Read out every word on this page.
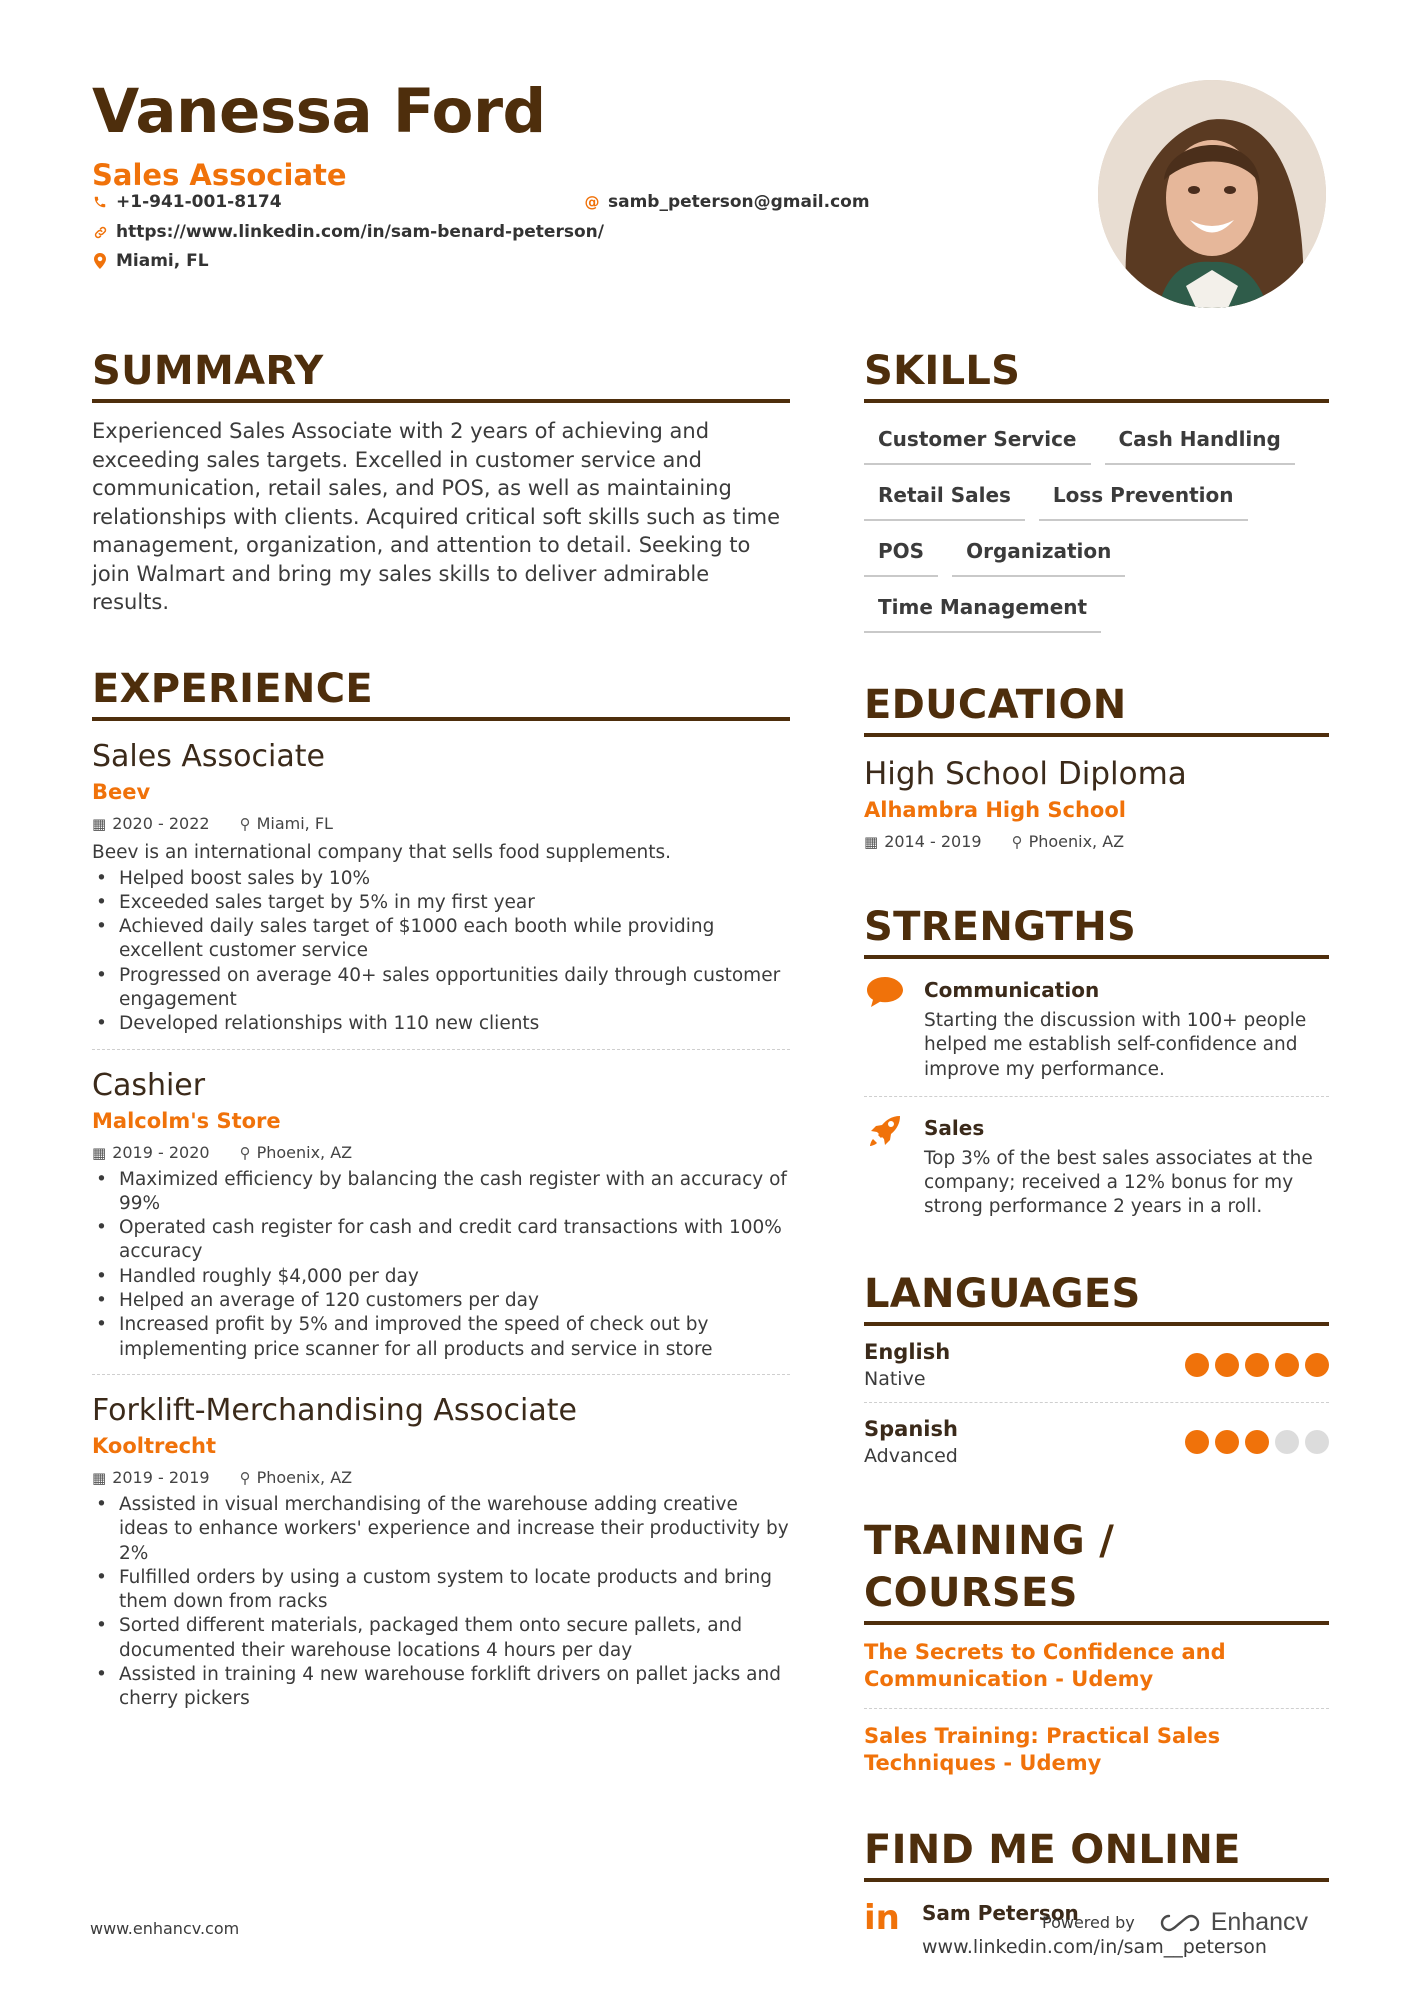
Vanessa Ford
Sales Associate
+1-941-001-8174	@ samb_peterson@gmail.com
https://www.linkedin.com/in/sam-benard-peterson/
Miami, FL
SUMMARY

Experienced Sales Associate with 2 years of achieving and exceeding sales targets. Excelled in customer service and communication, retail sales, and POS, as well as maintaining relationships with clients. Acquired critical soft skills such as time management, organization, and attention to detail. Seeking to join Walmart and bring my sales skills to deliver admirable results.

EXPERIENCE
Sales Associate
Beev
▦ 2020 - 2022 ⚲ Miami, FL
Beev is an international company that sells food supplements.
• Helped boost sales by 10%
• Exceeded sales target by 5% in my first year
• Achieved daily sales target of $1000 each booth while providing excellent customer service
• Progressed on average 40+ sales opportunities daily through customer engagement
• Developed relationships with 110 new clients
Cashier
Malcolm's Store
▦ 2019 - 2020 ⚲ Phoenix, AZ
• Maximized efficiency by balancing the cash register with an accuracy of 99%
• Operated cash register for cash and credit card transactions with 100% accuracy
• Handled roughly $4,000 per day
• Helped an average of 120 customers per day
• Increased profit by 5% and improved the speed of check out by implementing price scanner for all products and service in store
Forklift-Merchandising Associate
Kooltrecht
▦ 2019 - 2019 ⚲ Phoenix, AZ
• Assisted in visual merchandising of the warehouse adding creative ideas to enhance workers' experience and increase their productivity by 2%
• Fulfilled orders by using a custom system to locate products and bring them down from racks
• Sorted different materials, packaged them onto secure pallets, and documented their warehouse locations 4 hours per day
• Assisted in training 4 new warehouse forklift drivers on pallet jacks and cherry pickers
SKILLS
Customer Service	Cash Handling
Retail Sales	Loss Prevention
POS	Organization
Time Management
EDUCATION
High School Diploma
Alhambra High School
▦ 2014 - 2019 ⚲ Phoenix, AZ
STRENGTHS
Communication
Starting the discussion with 100+ people helped me establish self-confidence and improve my performance.
Sales
Top 3% of the best sales associates at the company; received a 12% bonus for my strong performance 2 years in a roll.
LANGUAGES
English
Native
Spanish
Advanced
TRAINING / COURSES
The Secrets to Confidence and Communication - Udemy
Sales Training: Practical Sales Techniques - Udemy
FIND ME ONLINE
in	Sam Peterson
www.linkedin.com/in/sam__peterson
www.enhancv.com	Powered by	Enhancv
